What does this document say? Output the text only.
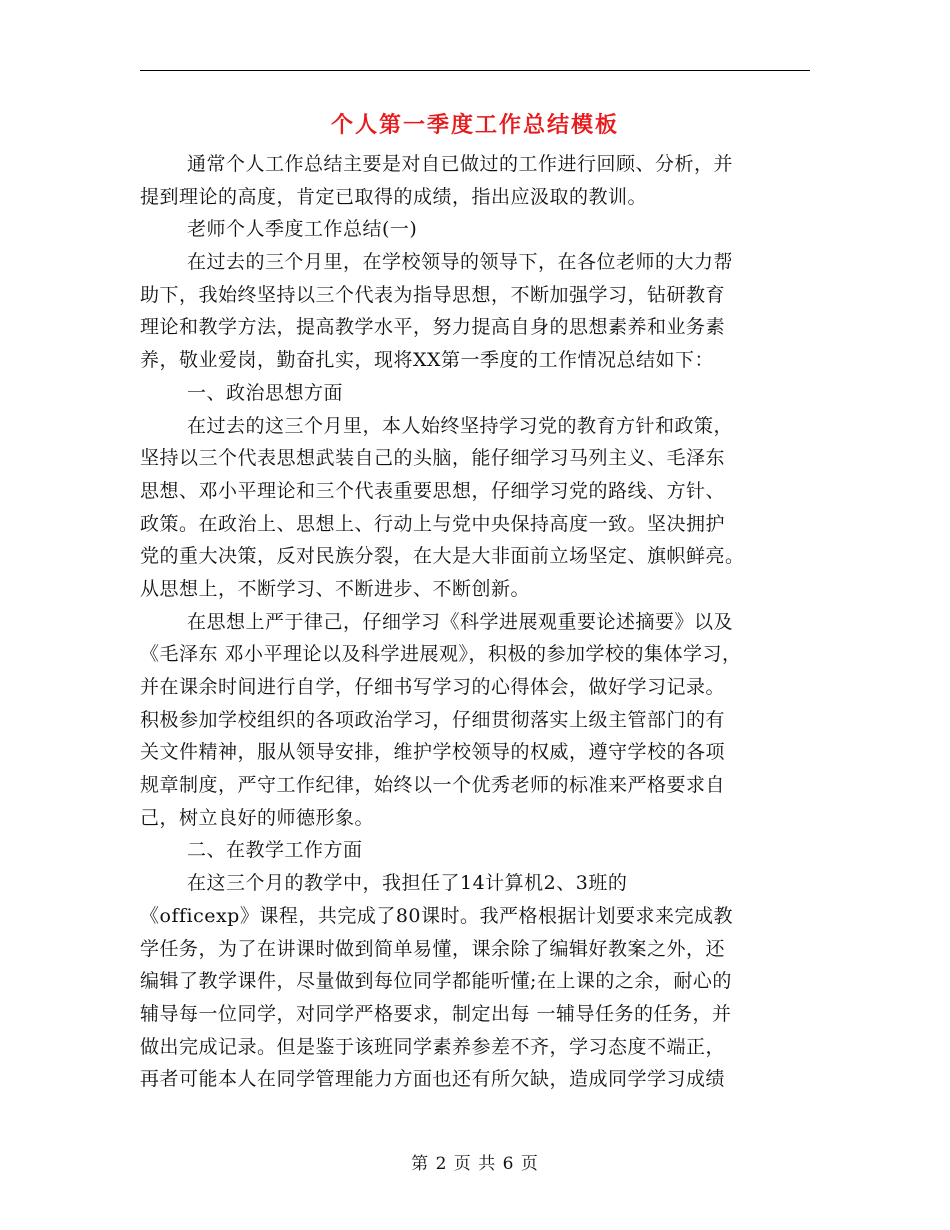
个人第一季度工作总结模板
通常个人工作总结主要是对自已做过的工作进行回顾、分析，并
提到理论的高度，肯定已取得的成绩，指出应汲取的教训。
老师个人季度工作总结(一)
在过去的三个月里，在学校领导的领导下，在各位老师的大力帮
助下，我始终坚持以三个代表为指导思想，不断加强学习，钻研教育
理论和教学方法，提高教学水平，努力提高自身的思想素养和业务素
养，敬业爱岗，勤奋扎实，现将XX第一季度的工作情况总结如下：
一、政治思想方面
在过去的这三个月里，本人始终坚持学习党的教育方针和政策，
坚持以三个代表思想武装自己的头脑，能仔细学习马列主义、毛泽东
思想、邓小平理论和三个代表重要思想，仔细学习党的路线、方针、
政策。在政治上、思想上、行动上与党中央保持高度一致。坚决拥护
党的重大决策，反对民族分裂，在大是大非面前立场坚定、旗帜鲜亮。
从思想上，不断学习、不断进步、不断创新。
在思想上严于律己，仔细学习《科学进展观重要论述摘要》以及
《毛泽东 邓小平理论以及科学进展观》，积极的参加学校的集体学习，
并在课余时间进行自学，仔细书写学习的心得体会，做好学习记录。
积极参加学校组织的各项政治学习，仔细贯彻落实上级主管部门的有
关文件精神，服从领导安排，维护学校领导的权威，遵守学校的各项
规章制度，严守工作纪律，始终以一个优秀老师的标准来严格要求自
己，树立良好的师德形象。
二、在教学工作方面
在这三个月的教学中，我担任了14计算机2、3班的
《officexp》课程，共完成了80课时。我严格根据计划要求来完成教
学任务，为了在讲课时做到简单易懂，课余除了编辑好教案之外，还
编辑了教学课件，尽量做到每位同学都能听懂;在上课的之余，耐心的
辅导每一位同学，对同学严格要求，制定出每 一辅导任务的任务，并
做出完成记录。但是鉴于该班同学素养参差不齐，学习态度不端正，
再者可能本人在同学管理能力方面也还有所欠缺，造成同学学习成绩
第 2 页 共 6 页
